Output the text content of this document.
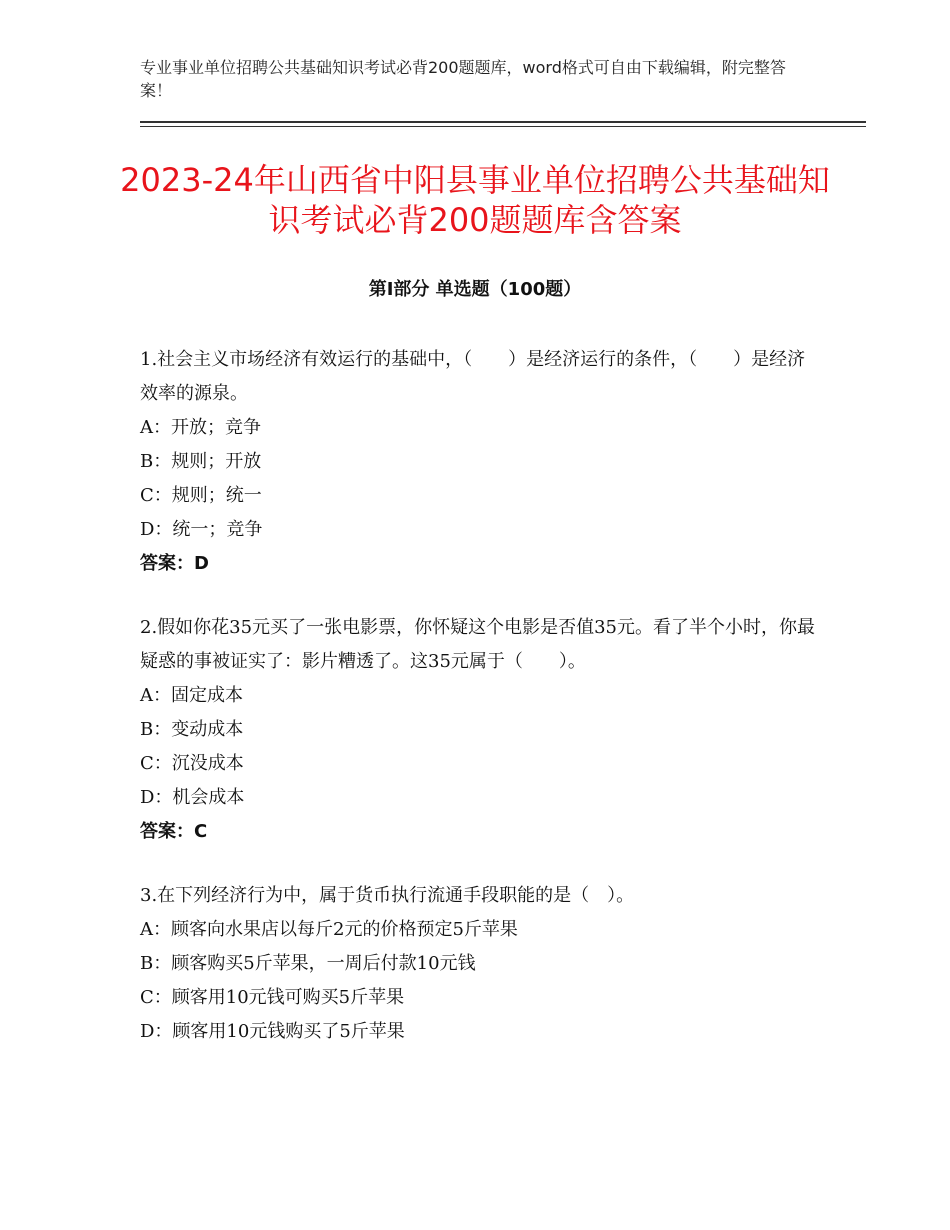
专业事业单位招聘公共基础知识考试必背200题题库，word格式可自由下载编辑，附完整答案！
2023-24年山西省中阳县事业单位招聘公共基础知识考试必背200题题库含答案
第Ⅰ部分 单选题（100题）
1.社会主义市场经济有效运行的基础中，（　　）是经济运行的条件，（　　）是经济效率的源泉。
A：开放；竞争
B：规则；开放
C：规则；统一
D：统一；竞争
答案：D
2.假如你花35元买了一张电影票，你怀疑这个电影是否值35元。看了半个小时，你最疑惑的事被证实了：影片糟透了。这35元属于（　　）。
A：固定成本
B：变动成本
C：沉没成本
D：机会成本
答案：C
3.在下列经济行为中，属于货币执行流通手段职能的是（　）。
A：顾客向水果店以每斤2元的价格预定5斤苹果
B：顾客购买5斤苹果，一周后付款10元钱
C：顾客用10元钱可购买5斤苹果
D：顾客用10元钱购买了5斤苹果
